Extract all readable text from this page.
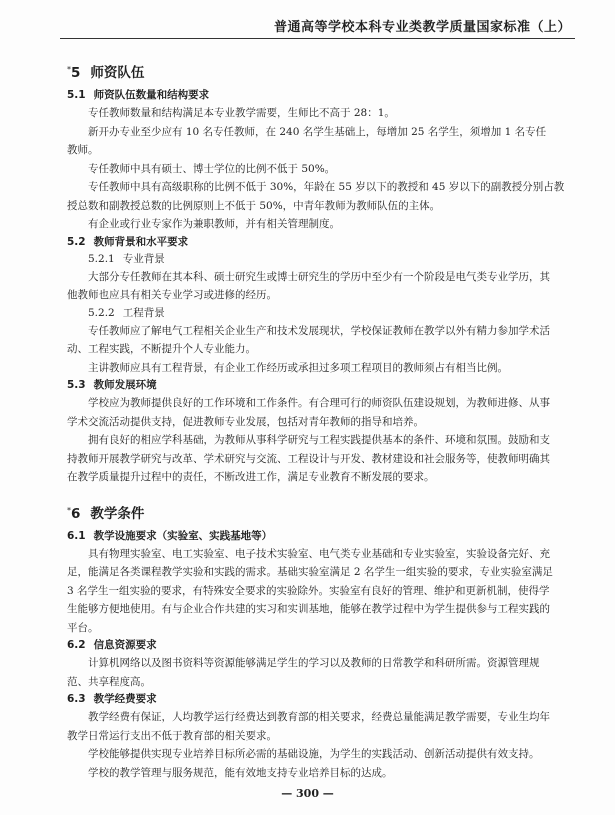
普通高等学校本科专业类教学质量国家标准（上）
*5 师资队伍
5.1 师资队伍数量和结构要求
专任教师数量和结构满足本专业教学需要，生师比不高于 28：1。
新开办专业至少应有 10 名专任教师，在 240 名学生基础上，每增加 25 名学生，须增加 1 名专任
教师。
专任教师中具有硕士、博士学位的比例不低于 50%。
专任教师中具有高级职称的比例不低于 30%，年龄在 55 岁以下的教授和 45 岁以下的副教授分别占教
授总数和副教授总数的比例原则上不低于 50%，中青年教师为教师队伍的主体。
有企业或行业专家作为兼职教师，并有相关管理制度。
5.2 教师背景和水平要求
5.2.1 专业背景
大部分专任教师在其本科、硕士研究生或博士研究生的学历中至少有一个阶段是电气类专业学历，其
他教师也应具有相关专业学习或进修的经历。
5.2.2 工程背景
专任教师应了解电气工程相关企业生产和技术发展现状，学校保证教师在教学以外有精力参加学术活
动、工程实践，不断提升个人专业能力。
主讲教师应具有工程背景，有企业工作经历或承担过多项工程项目的教师须占有相当比例。
5.3 教师发展环境
学校应为教师提供良好的工作环境和工作条件。有合理可行的师资队伍建设规划，为教师进修、从事
学术交流活动提供支持，促进教师专业发展，包括对青年教师的指导和培养。
拥有良好的相应学科基础，为教师从事科学研究与工程实践提供基本的条件、环境和氛围。鼓励和支
持教师开展教学研究与改革、学术研究与交流、工程设计与开发、教材建设和社会服务等，使教师明确其
在教学质量提升过程中的责任，不断改进工作，满足专业教育不断发展的要求。
*6 教学条件
6.1 教学设施要求（实验室、实践基地等）
具有物理实验室、电工实验室、电子技术实验室、电气类专业基础和专业实验室，实验设备完好、充
足，能满足各类课程教学实验和实践的需求。基础实验室满足 2 名学生一组实验的要求，专业实验室满足
3 名学生一组实验的要求，有特殊安全要求的实验除外。实验室有良好的管理、维护和更新机制，使得学
生能够方便地使用。有与企业合作共建的实习和实训基地，能够在教学过程中为学生提供参与工程实践的
平台。
6.2 信息资源要求
计算机网络以及图书资料等资源能够满足学生的学习以及教师的日常教学和科研所需。资源管理规
范、共享程度高。
6.3 教学经费要求
教学经费有保证，人均教学运行经费达到教育部的相关要求，经费总量能满足教学需要，专业生均年
教学日常运行支出不低于教育部的相关要求。
学校能够提供实现专业培养目标所必需的基础设施，为学生的实践活动、创新活动提供有效支持。
学校的教学管理与服务规范，能有效地支持专业培养目标的达成。
— 300 —
